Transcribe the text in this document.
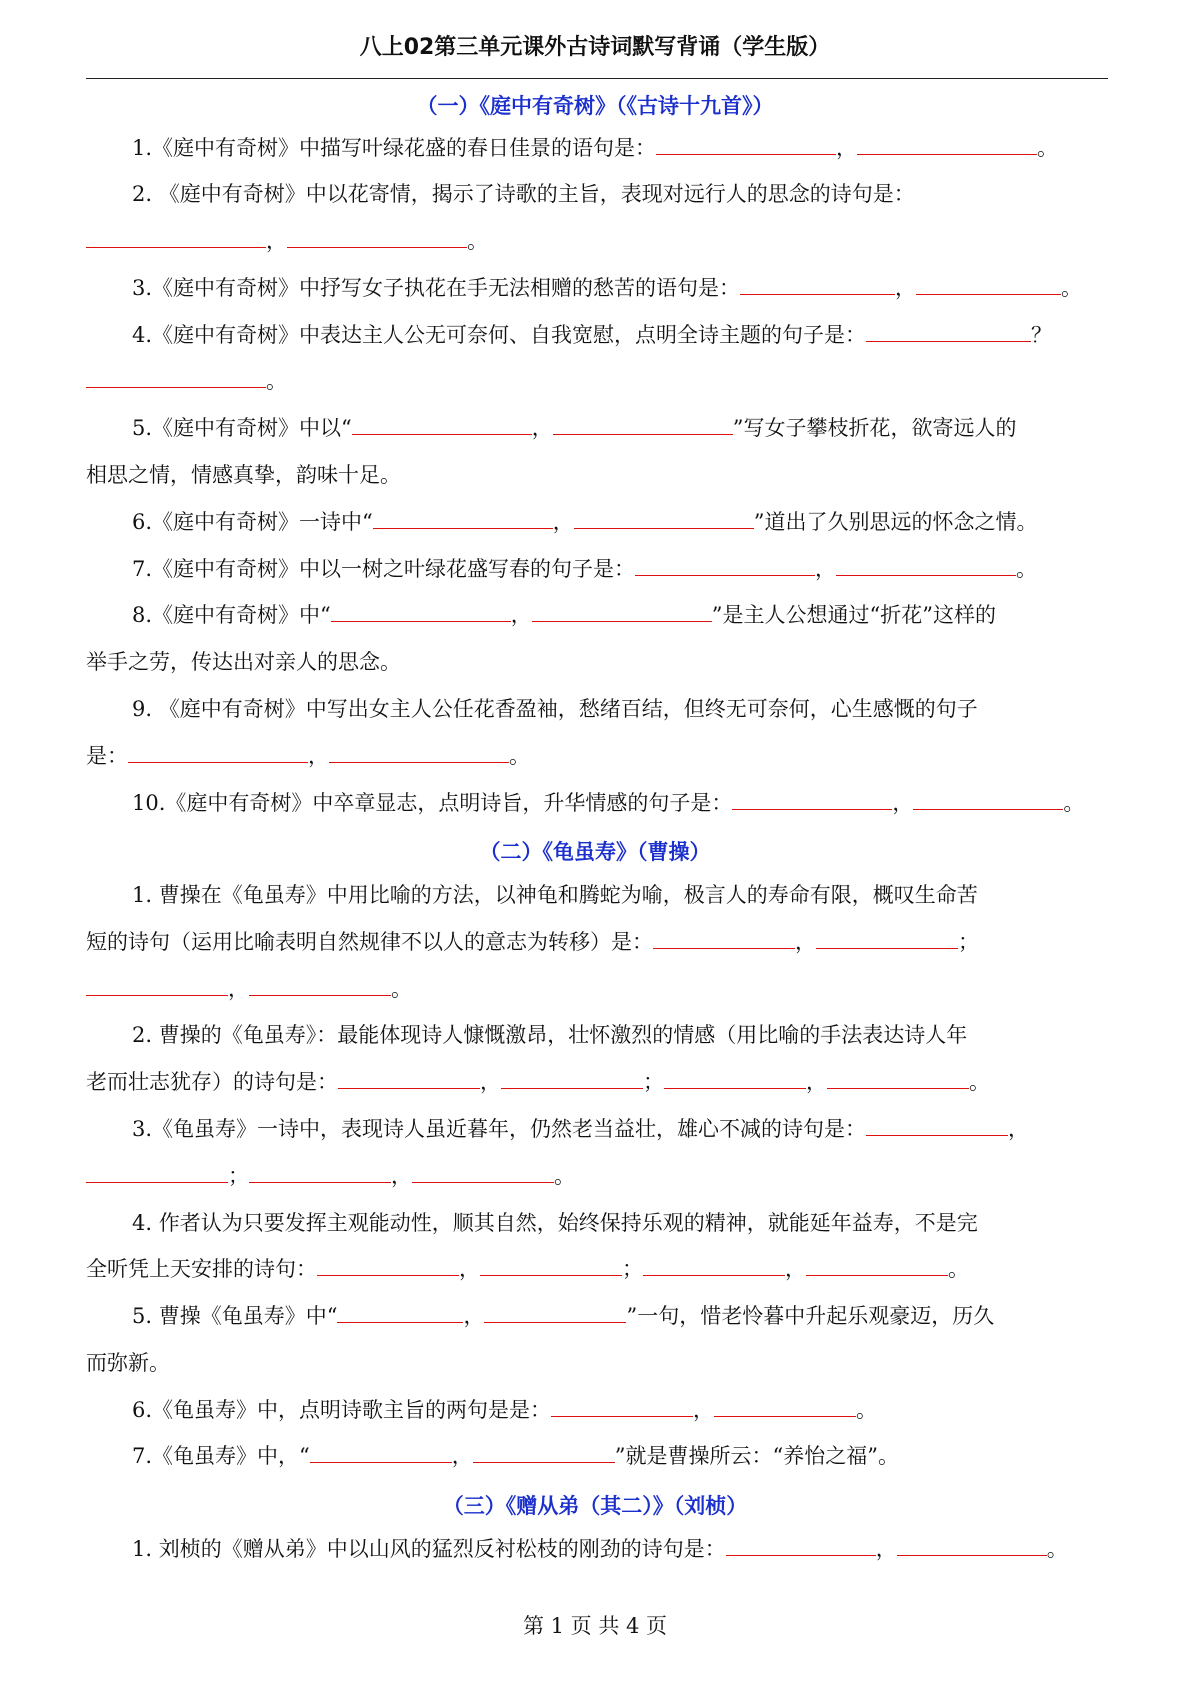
八上02第三单元课外古诗词默写背诵（学生版）
（一）《庭中有奇树》（《古诗十九首》）
1.《庭中有奇树》中描写叶绿花盛的春日佳景的语句是：	，	。
2. 《庭中有奇树》中以花寄情，揭示了诗歌的主旨，表现对远行人的思念的诗句是：
，	。
3.《庭中有奇树》中抒写女子执花在手无法相赠的愁苦的语句是：	，	。
4.《庭中有奇树》中表达主人公无可奈何、自我宽慰，点明全诗主题的句子是：	？
。
5.《庭中有奇树》中以“	，	”写女子攀枝折花，欲寄远人的
相思之情，情感真挚，韵味十足。
6.《庭中有奇树》一诗中“	，	”道出了久别思远的怀念之情。
7.《庭中有奇树》中以一树之叶绿花盛写春的句子是：	，	。
8.《庭中有奇树》中“	，	”是主人公想通过“折花”这样的
举手之劳，传达出对亲人的思念。
9. 《庭中有奇树》中写出女主人公任花香盈袖，愁绪百结，但终无可奈何，心生感慨的句子
是：	，	。
10.《庭中有奇树》中卒章显志，点明诗旨，升华情感的句子是：	，	。
（二）《龟虽寿》（曹操）
1. 曹操在《龟虽寿》中用比喻的方法，以神龟和腾蛇为喻，极言人的寿命有限，概叹生命苦
短的诗句（运用比喻表明自然规律不以人的意志为转移）是：	，	；
，	。
2. 曹操的《龟虽寿》：最能体现诗人慷慨激昂，壮怀激烈的情感（用比喻的手法表达诗人年
老而壮志犹存）的诗句是：	，	；	，	。
3.《龟虽寿》一诗中，表现诗人虽近暮年，仍然老当益壮，雄心不减的诗句是：	，
；	，	。
4. 作者认为只要发挥主观能动性，顺其自然，始终保持乐观的精神，就能延年益寿，不是完
全听凭上天安排的诗句：	，	；	，	。
5. 曹操《龟虽寿》中“	，	”一句，惜老怜暮中升起乐观豪迈，历久
而弥新。
6.《龟虽寿》中，点明诗歌主旨的两句是是：	，	。
7.《龟虽寿》中，“	，	”就是曹操所云：“养怡之福”。
（三）《赠从弟（其二）》（刘桢）
1. 刘桢的《赠从弟》中以山风的猛烈反衬松枝的刚劲的诗句是：	，	。
第 1 页 共 4 页
